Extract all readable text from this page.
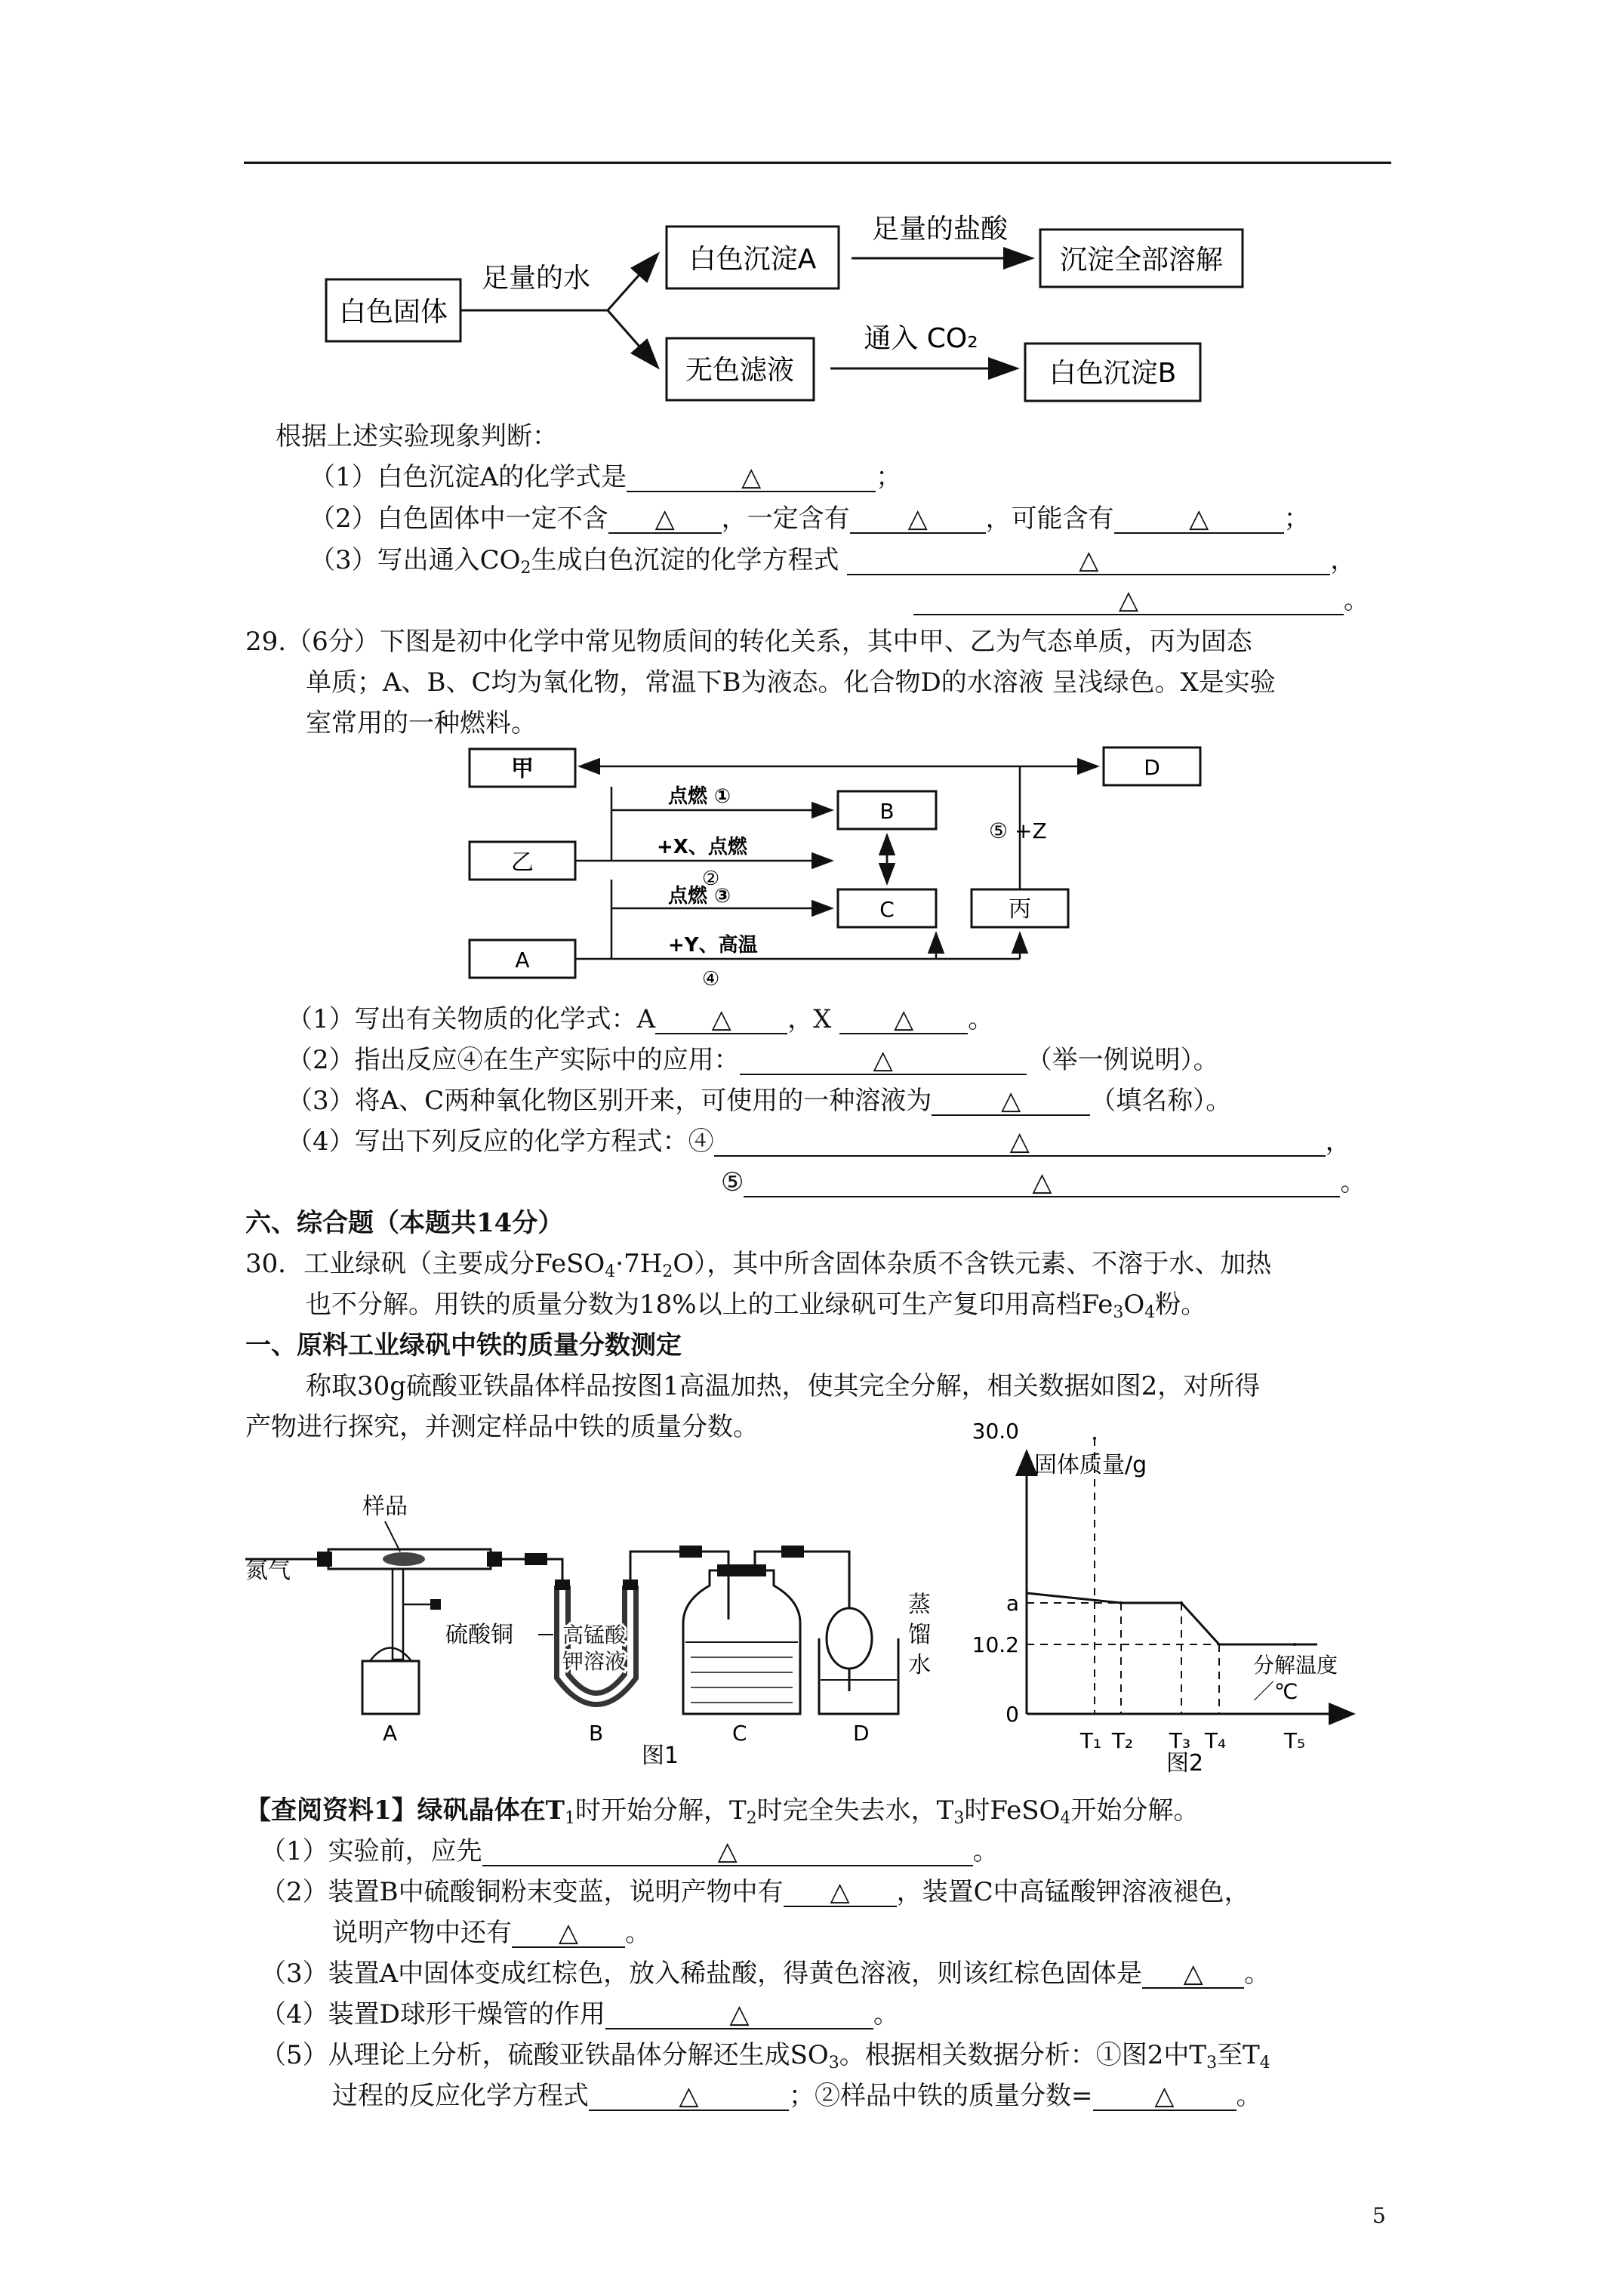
白色固体
足量的水
白色沉淀A
足量的盐酸
沉淀全部溶解
无色滤液
通入 CO₂
白色沉淀B
根据上述实验现象判断：
（1）白色沉淀A的化学式是	△	；
（2）白色固体中一定不含 △ ，一定含有 △ ，可能含有	△	；
（3）写出通入$CO_2$生成白色沉淀的化学方程式	△	，
△	。
29.（6分）下图是初中化学中常见物质间的转化关系，其中甲、乙为气态单质，丙为固态
单质；A、B、C均为氧化物，常温下B为液态。化合物D的水溶液 呈浅绿色。X是实验
室常用的一种燃料。
甲
乙
A
B
C
D
丙
⑤ +Z
点燃 ①
+X、点燃
②
点燃 ③
+Y、高温
④
（1）写出有关物质的化学式：A △ ，X △ 。
（2）指出反应④在生产实际中的应用：	△	（举一例说明）。
（3）将A、C两种氧化物区别开来，可使用的一种溶液为	△	（填名称）。
（4）写出下列反应的化学方程式：④	△	，
⑤	△	。
六、综合题（本题共14分）
30．工业绿矾（主要成分$FeSO_4\cdot 7H_2O$），其中所含固体杂质不含铁元素、不溶于水、加热
也不分解。用铁的质量分数为18%以上的工业绿矾可生产复印用高档$Fe_3O_4$粉。
一、原料工业绿矾中铁的质量分数测定
称取30g硫酸亚铁晶体样品按图1高温加热，使其完全分解，相关数据如图2，对所得
产物进行探究，并测定样品中铁的质量分数。
样品
氮气
硫酸铜 高锰酸
钾溶液
蒸
馏
水
A	B	C	D
图1
固体质量/g
分解温度
／℃
30.0
a
10.2
0
T₁ T₂ T₃ T₄	T₅
图2
【查阅资料1】绿矾晶体在$T_1$时开始分解，$T_2$时完全失去水，$T_3$时FeSO$_4$开始分解。
（1）实验前，应先	△	。
（2）装置B中硫酸铜粉末变蓝，说明产物中有 △ ，装置C中高锰酸钾溶液褪色，
说明产物中还有 △ 。
（3）装置A中固体变成红棕色，放入稀盐酸，得黄色溶液，则该红棕色固体是 △ 。
（4）装置D球形干燥管的作用	△	。
（5）从理论上分析，硫酸亚铁晶体分解还生成$SO_3$。根据相关数据分析：①图2中$T_3$至$T_4$
过程的反应化学方程式	△	；②样品中铁的质量分数= △ 。
5
